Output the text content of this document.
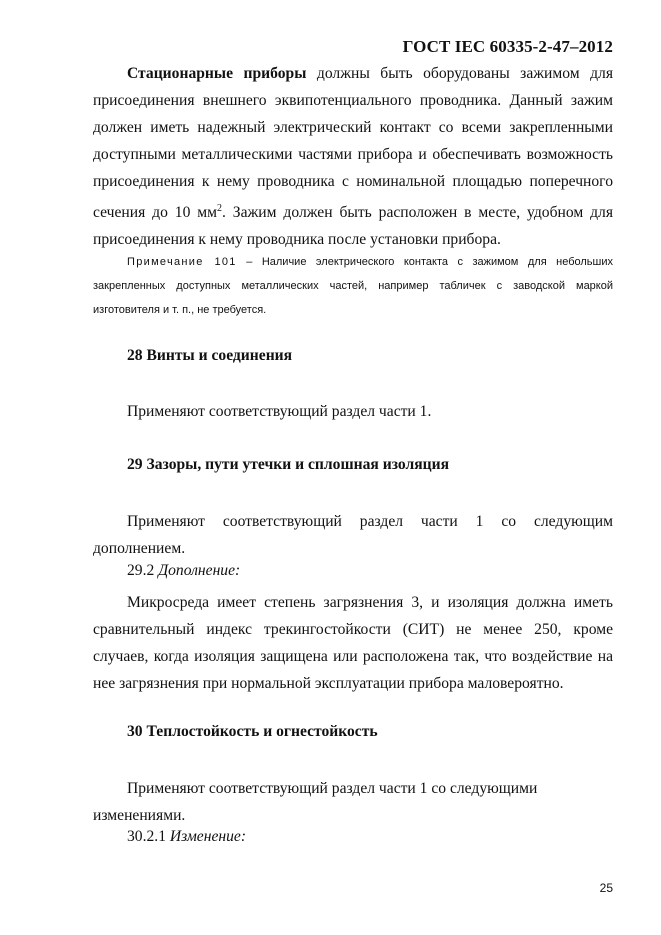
ГОСТ IEC 60335-2-47–2012
Стационарные приборы должны быть оборудованы зажимом для присоединения внешнего эквипотенциального проводника. Данный зажим должен иметь надежный электрический контакт со всеми закрепленными доступными металлическими частями прибора и обеспечивать возможность присоединения к нему проводника с номинальной площадью поперечного сечения до 10 $мм^2$. Зажим должен быть расположен в месте, удобном для присоединения к нему проводника после установки прибора.
Примечание 101 – Наличие электрического контакта с зажимом для небольших закрепленных доступных металлических частей, например табличек с заводской маркой изготовителя и т. п., не требуется.
28 Винты и соединения
Применяют соответствующий раздел части 1.
29 Зазоры, пути утечки и сплошная изоляция
Применяют соответствующий раздел части 1 со следующим дополнением.
29.2 Дополнение:
Микросреда имеет степень загрязнения 3, и изоляция должна иметь сравнительный индекс трекингостойкости (СИТ) не менее 250, кроме случаев, когда изоляция защищена или расположена так, что воздействие на нее загрязнения при нормальной эксплуатации прибора маловероятно.
30 Теплостойкость и огнестойкость
Применяют соответствующий раздел части 1 со следующими
изменениями.
30.2.1 Изменение:
25
